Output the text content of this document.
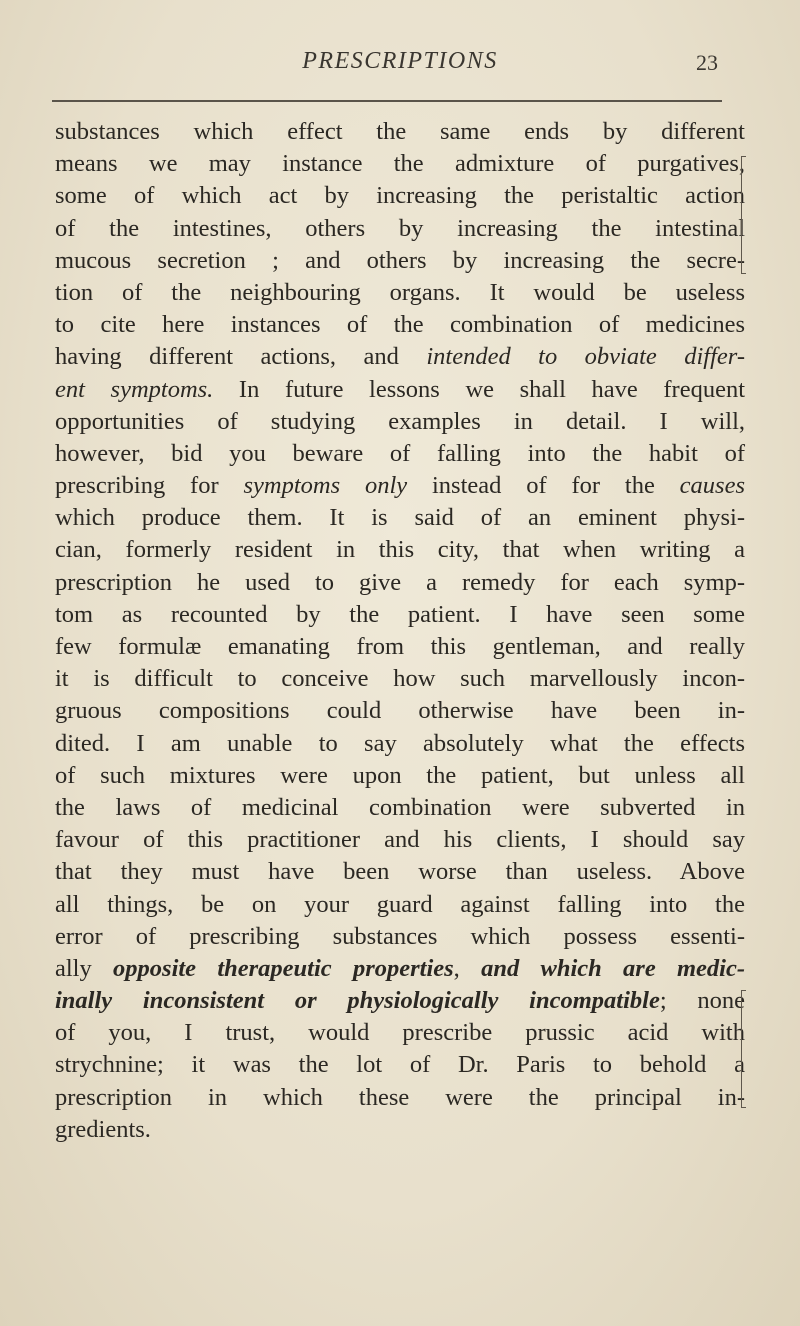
PRESCRIPTIONS	23
substances which effect the same ends by different
means we may instance the admixture of purgatives,
some of which act by increasing the peristaltic action
of the intestines, others by increasing the intestinal
mucous secretion ; and others by increasing the secre-
tion of the neighbouring organs. It would be useless
to cite here instances of the combination of medicines
having different actions, and intended to obviate differ-
ent symptoms. In future lessons we shall have frequent
opportunities of studying examples in detail. I will,
however, bid you beware of falling into the habit of
prescribing for symptoms only instead of for the causes
which produce them. It is said of an eminent physi-
cian, formerly resident in this city, that when writing a
prescription he used to give a remedy for each symp-
tom as recounted by the patient. I have seen some
few formulæ emanating from this gentleman, and really
it is difficult to conceive how such marvellously incon-
gruous compositions could otherwise have been in-
dited. I am unable to say absolutely what the effects
of such mixtures were upon the patient, but unless all
the laws of medicinal combination were subverted in
favour of this practitioner and his clients, I should say
that they must have been worse than useless. Above
all things, be on your guard against falling into the
error of prescribing substances which possess essenti-
ally opposite therapeutic properties, and which are medic-
inally inconsistent or physiologically incompatible; none
of you, I trust, would prescribe prussic acid with
strychnine; it was the lot of Dr. Paris to behold a
prescription in which these were the principal in-
gredients.
